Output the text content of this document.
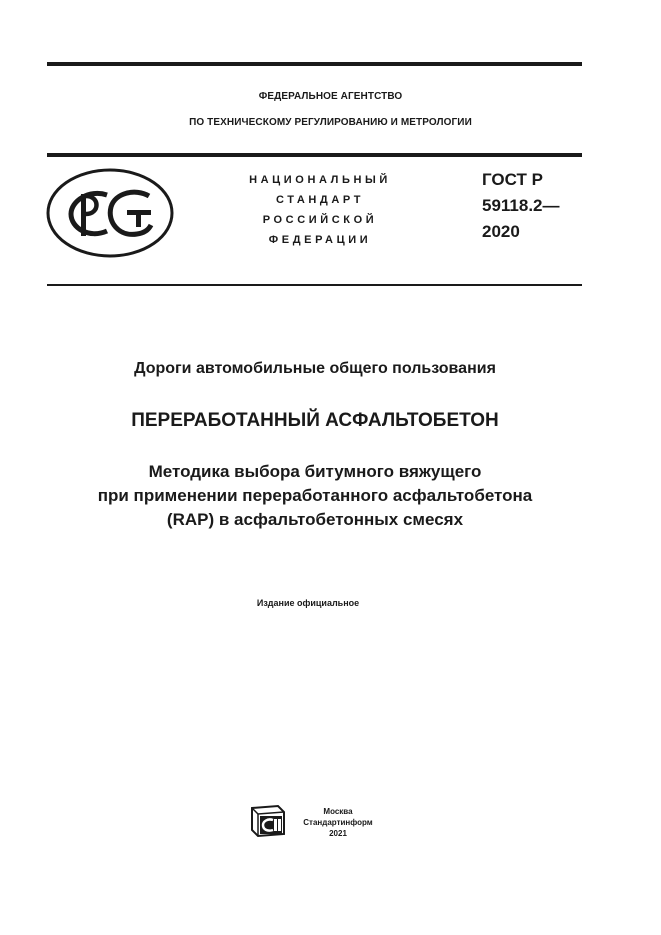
ФЕДЕРАЛЬНОЕ АГЕНТСТВО
ПО ТЕХНИЧЕСКОМУ РЕГУЛИРОВАНИЮ И МЕТРОЛОГИИ
НАЦИОНАЛЬНЫЙ
СТАНДАРТ
РОССИЙСКОЙ
ФЕДЕРАЦИИ
ГОСТ Р
59118.2—
2020
Дороги автомобильные общего пользования
ПЕРЕРАБОТАННЫЙ АСФАЛЬТОБЕТОН
Методика выбора битумного вяжущего
при применении переработанного асфальтобетона
(RAP) в асфальтобетонных смесях
Издание официальное
Москва
Стандартинформ
2021
